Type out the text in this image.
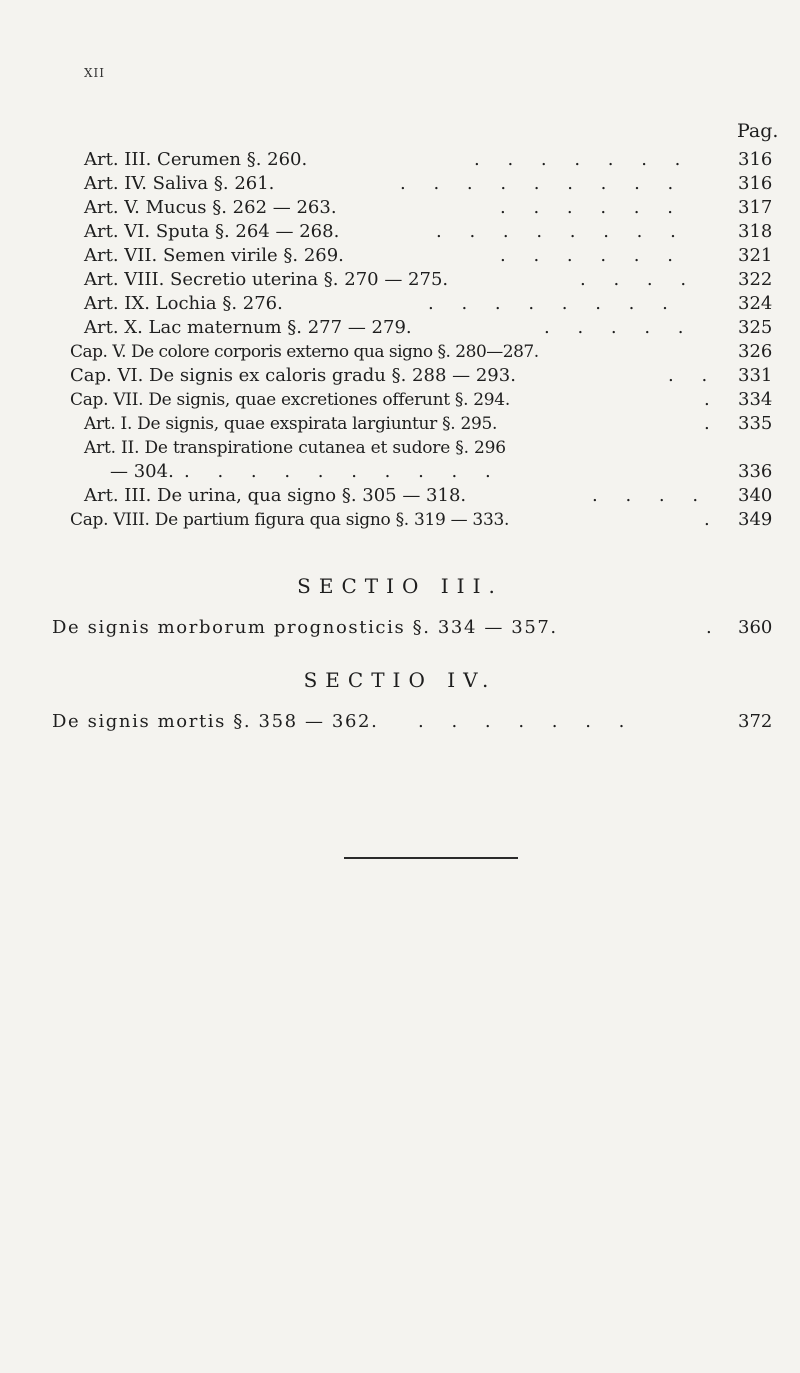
XII
Pag.
Art. III. Cerumen §. 260.	. . . . . . .	316
Art. IV. Saliva §. 261.	. . . . . . . . .	316
Art. V. Mucus §. 262 — 263.	. . . . . .	317
Art. VI. Sputa §. 264 — 268.	. . . . . . . .	318
Art. VII. Semen virile §. 269.	. . . . . .	321
Art. VIII. Secretio uterina §. 270 — 275.	. . . . 322
Art. IX. Lochia §. 276.	. . . . . . . .	324
Art. X. Lac maternum §. 277 — 279.	. . . . . 325
Cap. V. De colore corporis externo qua signo §. 280—287.	326
Cap. VI. De signis ex caloris gradu §. 288 — 293.	. . 331
Cap. VII. De signis, quae excretiones offerunt §. 294.	. 334
Art. I. De signis, quae exspirata largiuntur §. 295.	. 335
Art. II. De transpiratione cutanea et sudore §. 296
— 304. . . . . . . . . . .	336
Art. III. De urina, qua signo §. 305 — 318.	. . . . 340
Cap. VIII. De partium figura qua signo §. 319 — 333.	. 349
SECTIO III.
De signis morborum prognosticis §. 334 — 357.	. 360
SECTIO IV.
De signis mortis §. 358 — 362. . . . . . . .	372
